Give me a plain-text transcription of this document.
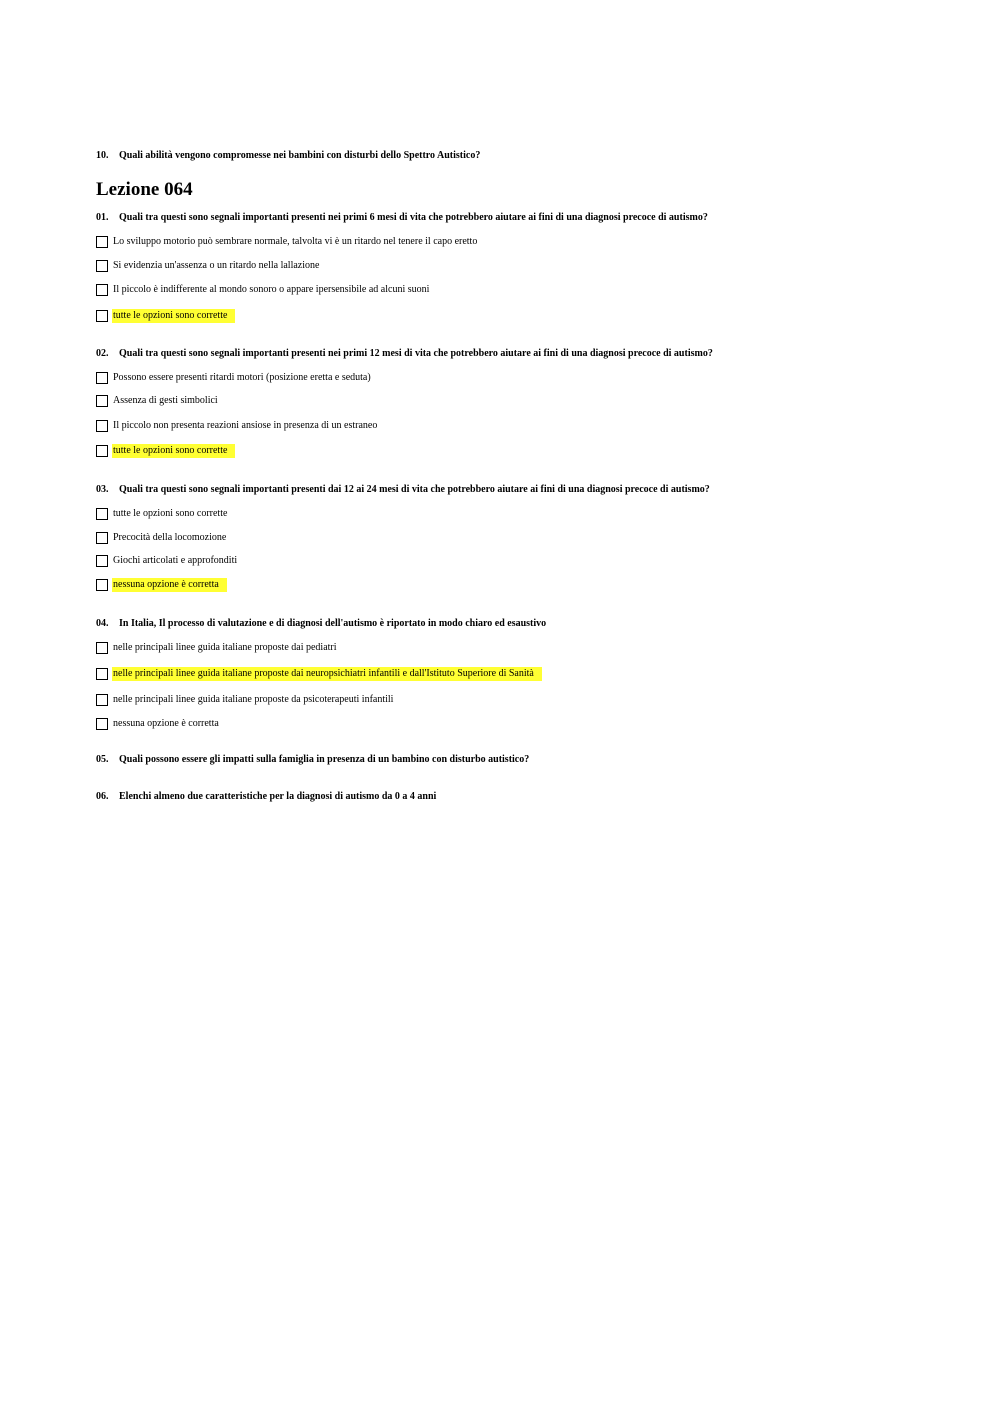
10. Quali abilità vengono compromesse nei bambini con disturbi dello Spettro Autistico?
Lezione 064
01. Quali tra questi sono segnali importanti presenti nei primi 6 mesi di vita che potrebbero aiutare ai fini di una diagnosi precoce di autismo?
Lo sviluppo motorio può sembrare normale, talvolta vi è un ritardo nel tenere il capo eretto
Si evidenzia un'assenza o un ritardo nella lallazione
Il piccolo è indifferente al mondo sonoro o appare ipersensibile ad alcuni suoni
tutte le opzioni sono corrette
02. Quali tra questi sono segnali importanti presenti nei primi 12 mesi di vita che potrebbero aiutare ai fini di una diagnosi precoce di autismo?
Possono essere presenti ritardi motori (posizione eretta e seduta)
Assenza di gesti simbolici
Il piccolo non presenta reazioni ansiose in presenza di un estraneo
tutte le opzioni sono corrette
03. Quali tra questi sono segnali importanti presenti dai 12 ai 24 mesi di vita che potrebbero aiutare ai fini di una diagnosi precoce di autismo?
tutte le opzioni sono corrette
Precocità della locomozione
Giochi articolati e approfonditi
nessuna opzione è corretta
04. In Italia, Il processo di valutazione e di diagnosi dell'autismo è riportato in modo chiaro ed esaustivo
nelle principali linee guida italiane proposte dai pediatri
nelle principali linee guida italiane proposte dai neuropsichiatri infantili e dall'Istituto Superiore di Sanità
nelle principali linee guida italiane proposte da psicoterapeuti infantili
nessuna opzione è corretta
05. Quali possono essere gli impatti sulla famiglia in presenza di un bambino con disturbo autistico?
06. Elenchi almeno due caratteristiche per la diagnosi di autismo da 0 a 4 anni
